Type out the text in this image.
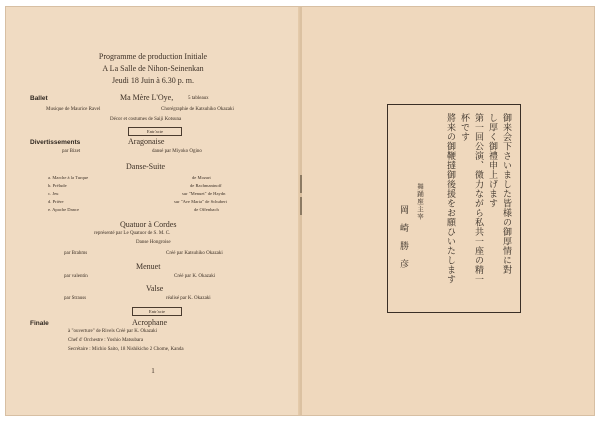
Programme de production Initiale
A La Salle de Nihon-Seinenkan
Jeudi 18 Juin à 6.30 p. m.
Ballet	Ma Mère L'Oye,	5 tableaux
Musique de Maurice Ravel	Chorégraphie de Katsuhiko Okazaki
Décor et costumes de Saiji Kotsuna
Entr'acte
Divertissements	Aragonaise
par Bizet	dansé par Miyoko Ogino
Danse-Suite
a. Marche à la Turque	de Mozart
b. Prélude	de Rachmaninoff
c. Jeu	sur "Menuet" de Haydn
d. Prière	sur "Ave Maria" de Schubert
e. Apache Dance	de Offenbach
Quatuor à Cordes
représenté par Le Quatuor de S. M. C.
Danse Hongroise
par Brahms	Créé par Katsuhiko Okazaki
Menuet
par valentin	Créé par K. Okazaki
Valse
par Strauss	réalisé par K. Okazaki
Entr'acte
Finale	Acrophane
à "ouverture" de Rivels Créé par K. Okazaki
Chef d' Orchestre : Yoshio Matsubara
Secrétaire : Michio Saito, 18 Nishikicho 2 Chome, Kanda
1
御来会下さいました皆様の御厚情に對
し厚く御禮申上げます
第一回公演、微力ながら私共一座の精一
杯です
將来の御鞭撻御後援をお願ひいたします
舞踊座主宰
岡崎勝彦
